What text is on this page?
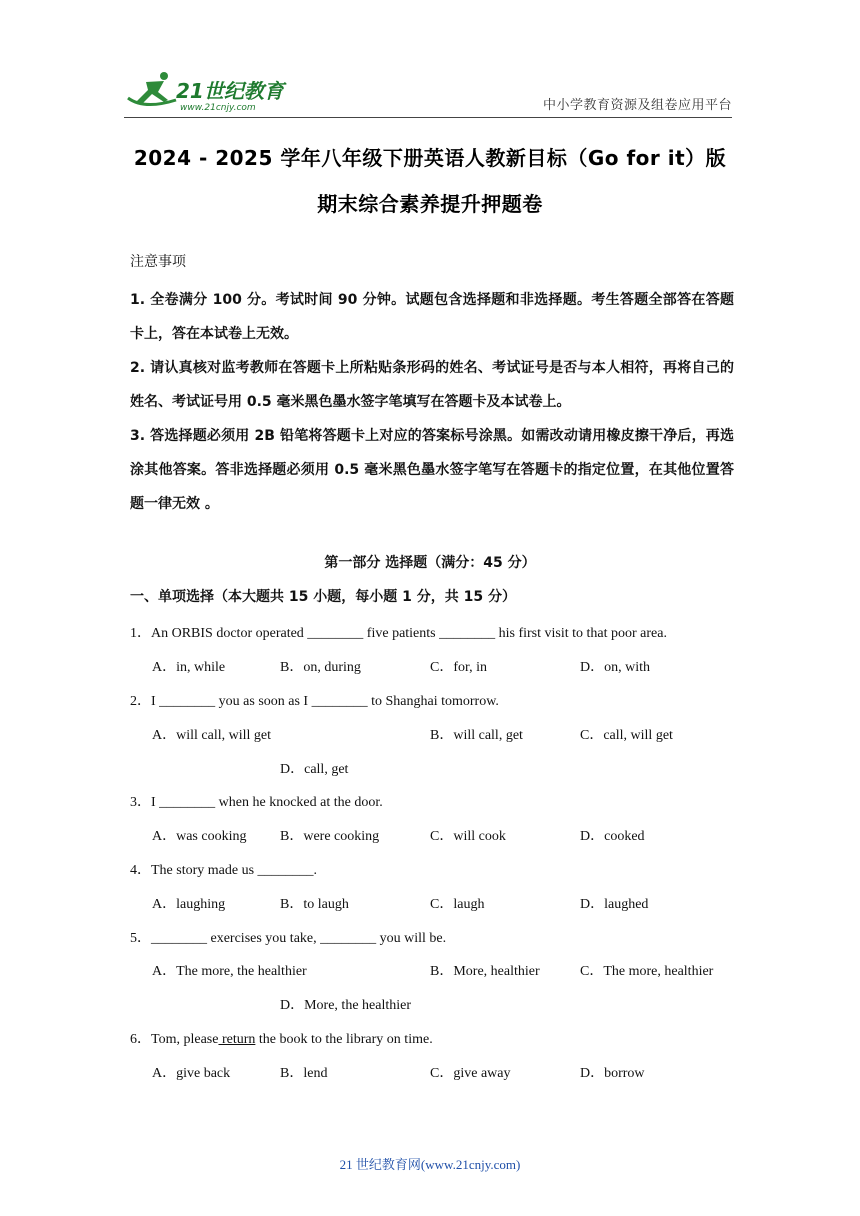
21世纪教育
www.21cnjy.com	中小学教育资源及组卷应用平台
2024 - 2025 学年八年级下册英语人教新目标（Go for it）版
期末综合素养提升押题卷
注意事项

1. 全卷满分 100 分。考试时间 90 分钟。试题包含选择题和非选择题。考生答题全部答在答题卡上，答在本试卷上无效。

2. 请认真核对监考教师在答题卡上所粘贴条形码的姓名、考试证号是否与本人相符，再将自己的姓名、考试证号用 0.5 毫米黑色墨水签字笔填写在答题卡及本试卷上。

3. 答选择题必须用 2B 铅笔将答题卡上对应的答案标号涂黑。如需改动请用橡皮擦干净后，再选涂其他答案。答非选择题必须用 0.5 毫米黑色墨水签字笔写在答题卡的指定位置，在其他位置答题一律无效 。

第一部分 选择题（满分：45 分）
一、单项选择（本大题共 15 小题，每小题 1 分，共 15 分）
1．An ORBIS doctor operated ________ five patients ________ his first visit to that poor area.
A．in, while	B．on, during	C．for, in	D．on, with
2．I ________ you as soon as I ________ to Shanghai tomorrow.
A．will call, will get	B．will call, get	C．call, will get
D．call, get
3．I ________ when he knocked at the door.
A．was cooking B．were cooking	C．will cook	D．cooked
4．The story made us ________.
A．laughing	B．to laugh	C．laugh	D．laughed
5．________ exercises you take, ________ you will be.
A．The more, the healthier	B．More, healthier	C．The more, healthier
D．More, the healthier
6．Tom, please return the book to the library on time.
A．give back	B．lend	C．give away	D．borrow
21 世纪教育网(www.21cnjy.com)
